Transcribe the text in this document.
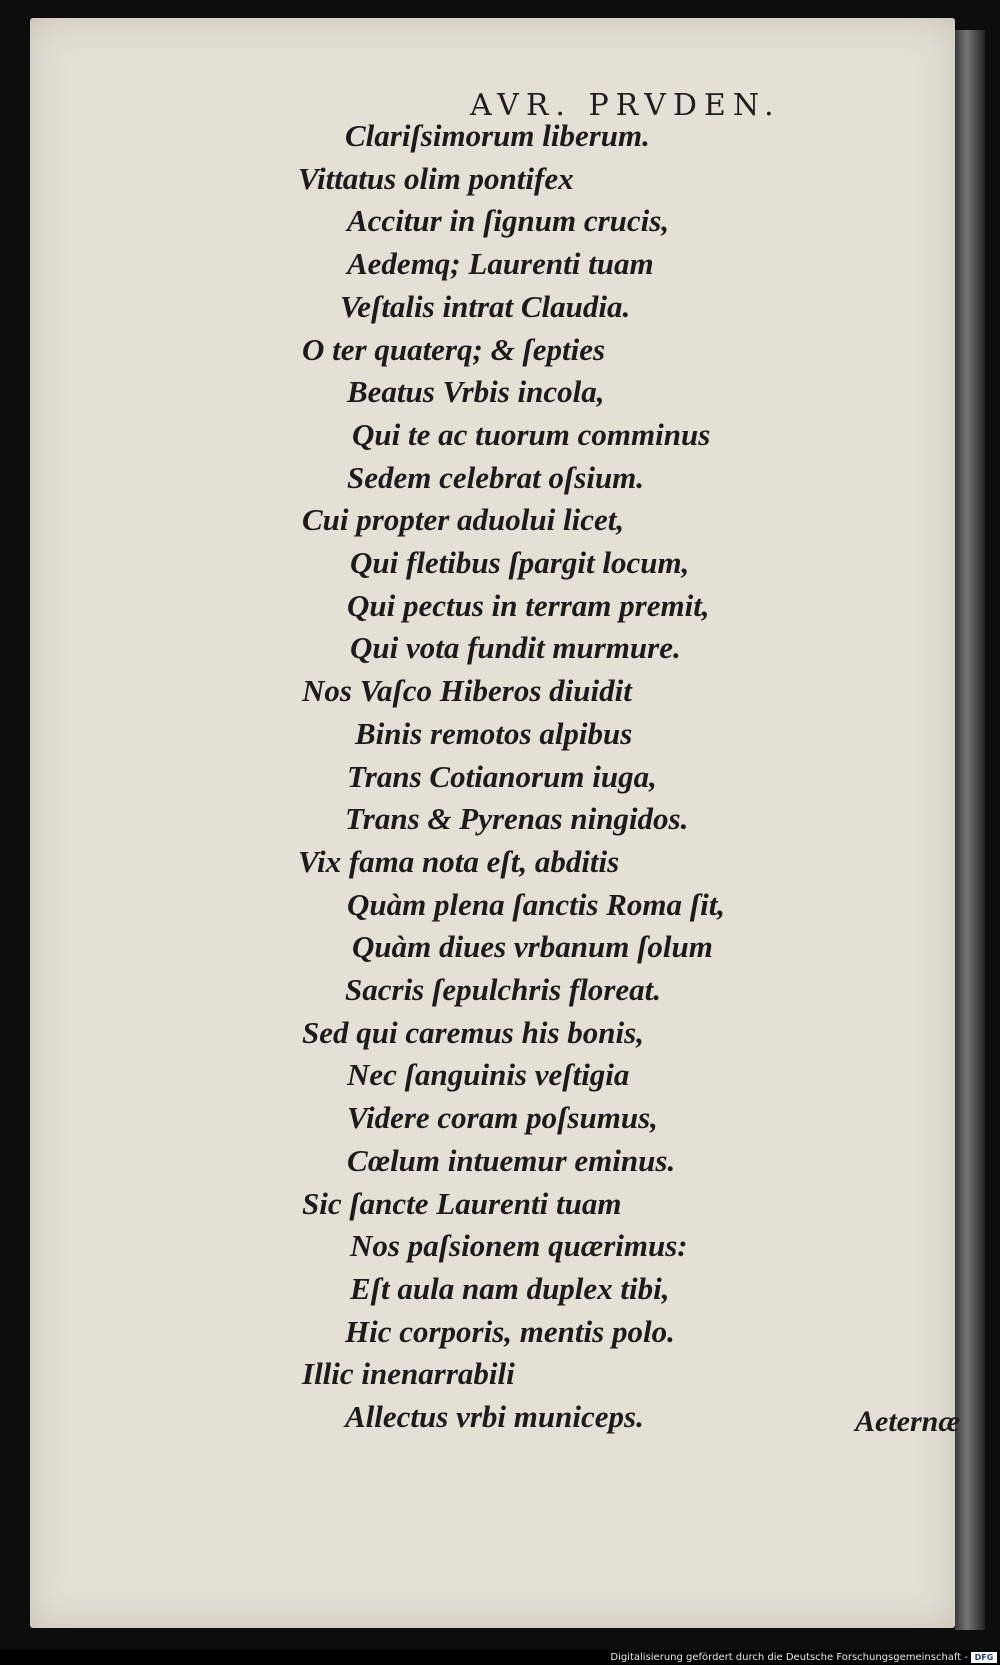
AVR. PRVDEN.
Clariſsimorum liberum.
Vittatus olim pontifex
Accitur in ſignum crucis,
Aedemq; Laurenti tuam
Veſtalis intrat Claudia.
O ter quaterq; & ſepties
Beatus Vrbis incola,
Qui te ac tuorum comminus
Sedem celebrat oſsium.
Cui propter aduolui licet,
Qui fletibus ſpargit locum,
Qui pectus in terram premit,
Qui vota fundit murmure.
Nos Vaſco Hiberos diuidit
Binis remotos alpibus
Trans Cotianorum iuga,
Trans & Pyrenas ningidos.
Vix fama nota eſt, abditis
Quàm plena ſanctis Roma ſit,
Quàm diues vrbanum ſolum
Sacris ſepulchris floreat.
Sed qui caremus his bonis,
Nec ſanguinis veſtigia
Videre coram poſsumus,
Cœlum intuemur eminus.
Sic ſancte Laurenti tuam
Nos paſsionem quærimus:
Eſt aula nam duplex tibi,
Hic corporis, mentis polo.
Illic inenarrabili
Allectus vrbi municeps.	Aeternæ
Digitalisierung gefördert durch die Deutsche Forschungsgemeinschaft - DFG
